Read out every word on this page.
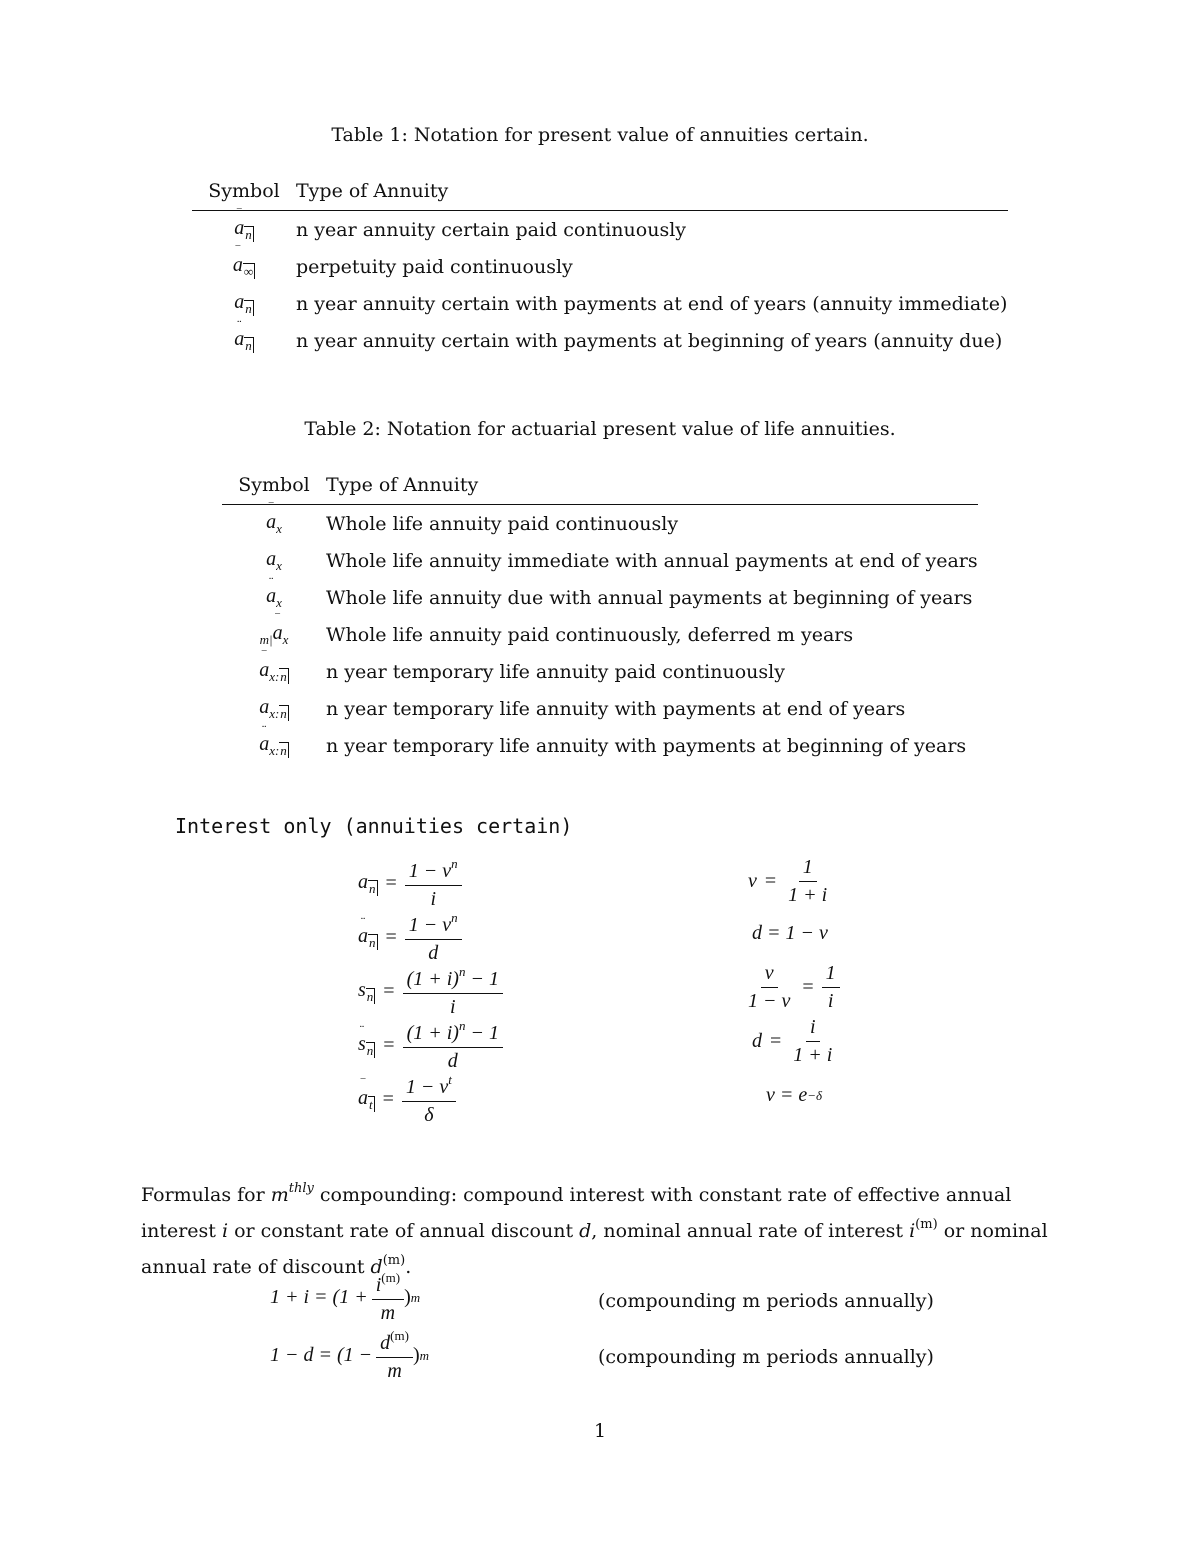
Table 1: Notation for present value of annuities certain.
Symbol	Type of Annuity
a
‾
$_n$	n year annuity certain paid continuously
a
‾
$_\infty$	perpetuity paid continuously
$a_n$	n year annuity certain with payments at end of years (annuity immediate)
a
¨
$_n$	n year annuity certain with payments at beginning of years (annuity due)
Table 2: Notation for actuarial present value of life annuities.
Symbol	Type of Annuity
a
‾
$_x$	Whole life annuity paid continuously
$a_x$	Whole life annuity immediate with annual payments at end of years
a
¨
$_x$	Whole life annuity due with annual payments at beginning of years
$_{m|}$a
‾
$_x$	Whole life annuity paid continuously, deferred m years
a
‾
$_{x:n}$	n year temporary life annuity paid continuously
$a_{x:n}$	n year temporary life annuity with payments at end of years
a
¨
$_{x:n}$	n year temporary life annuity with payments at beginning of years
Interest only (annuities certain)
$a_n = \frac{1 - v^n}{i}$
a
¨
$_n = \frac{1 - v^n}{d}$
$s_n = \frac{(1 + i)^n - 1}{i}$
s
¨
$_n = \frac{(1 + i)^n - 1}{d}$
a
‾
$_t = \frac{1 - v^t}{\delta}$
$v = \frac{1}{1 + i}$
d = 1 − v
$\frac{v}{1 - v} = \frac{1}{i}$
$d = \frac{i}{1 + i}$
v = e −δ
Formulas for $m^{thly}$ compounding: compound interest with constant rate of effective annual interest i or constant rate of annual discount d, nominal annual rate of interest $i^{(m)}$ or nominal annual rate of discount $d^{(m)}$.
$1 + i = (1 + \frac{i^{(m)}}{m}$ ) m	(compounding m periods annually)
$1 - d = (1 - \frac{d^{(m)}}{m}$ ) m	(compounding m periods annually)
1
